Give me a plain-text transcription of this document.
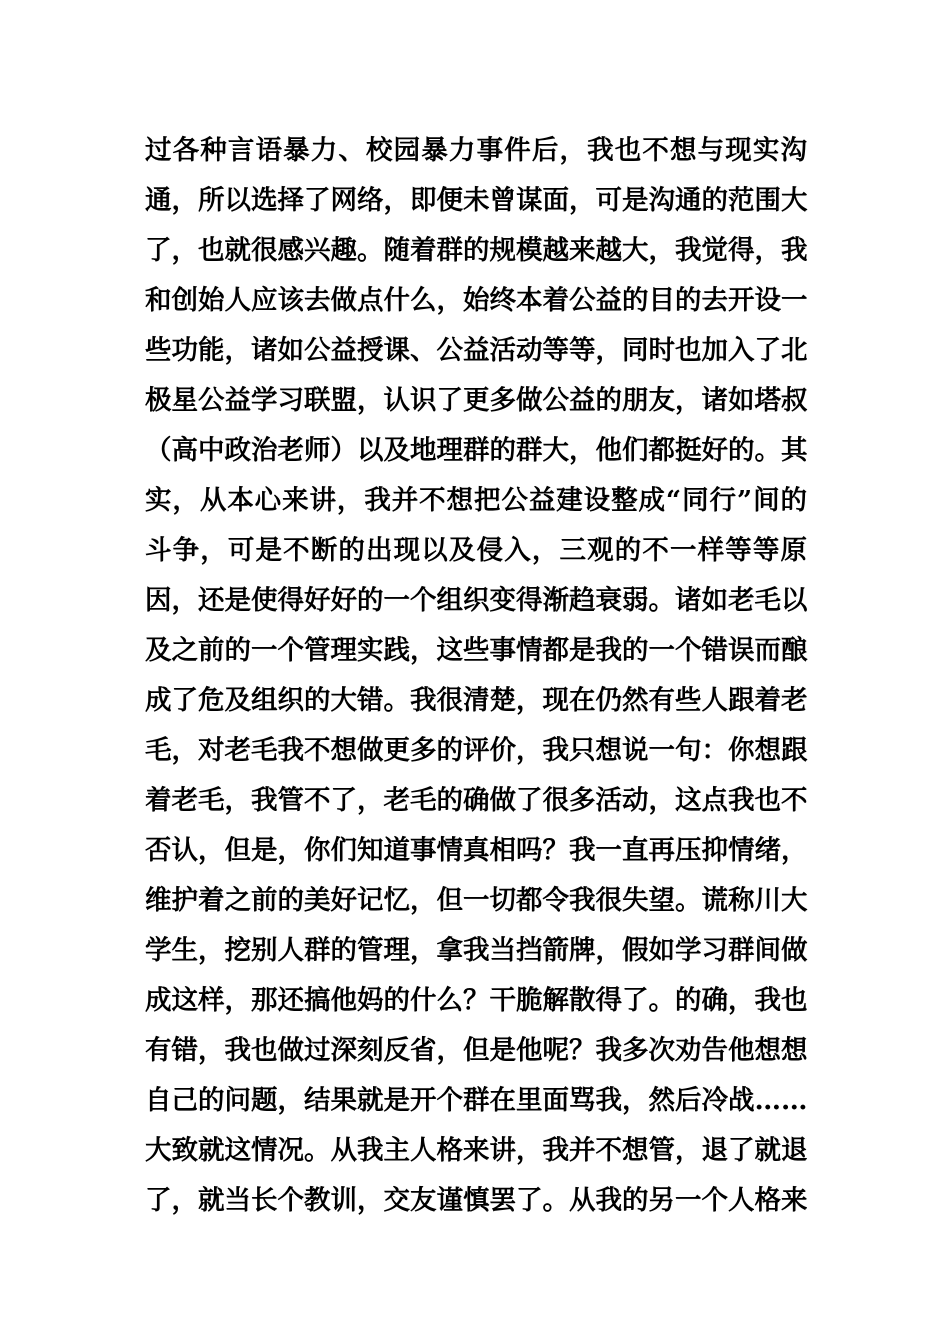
过各种言语暴力、校园暴力事件后，我也不想与现实沟
通，所以选择了网络，即便未曾谋面，可是沟通的范围大
了，也就很感兴趣。随着群的规模越来越大，我觉得，我
和创始人应该去做点什么，始终本着公益的目的去开设一
些功能，诸如公益授课、公益活动等等，同时也加入了北
极星公益学习联盟，认识了更多做公益的朋友，诸如塔叔
（高中政治老师）以及地理群的群大，他们都挺好的。其
实，从本心来讲，我并不想把公益建设整成“同行”间的
斗争，可是不断的出现以及侵入，三观的不一样等等原
因，还是使得好好的一个组织变得渐趋衰弱。诸如老毛以
及之前的一个管理实践，这些事情都是我的一个错误而酿
成了危及组织的大错。我很清楚，现在仍然有些人跟着老
毛，对老毛我不想做更多的评价，我只想说一句：你想跟
着老毛，我管不了，老毛的确做了很多活动，这点我也不
否认，但是，你们知道事情真相吗？我一直再压抑情绪，
维护着之前的美好记忆，但一切都令我很失望。谎称川大
学生，挖别人群的管理，拿我当挡箭牌，假如学习群间做
成这样，那还搞他妈的什么？干脆解散得了。的确，我也
有错，我也做过深刻反省，但是他呢？我多次劝告他想想
自己的问题，结果就是开个群在里面骂我，然后冷战……
大致就这情况。从我主人格来讲，我并不想管，退了就退
了，就当长个教训，交友谨慎罢了。从我的另一个人格来
